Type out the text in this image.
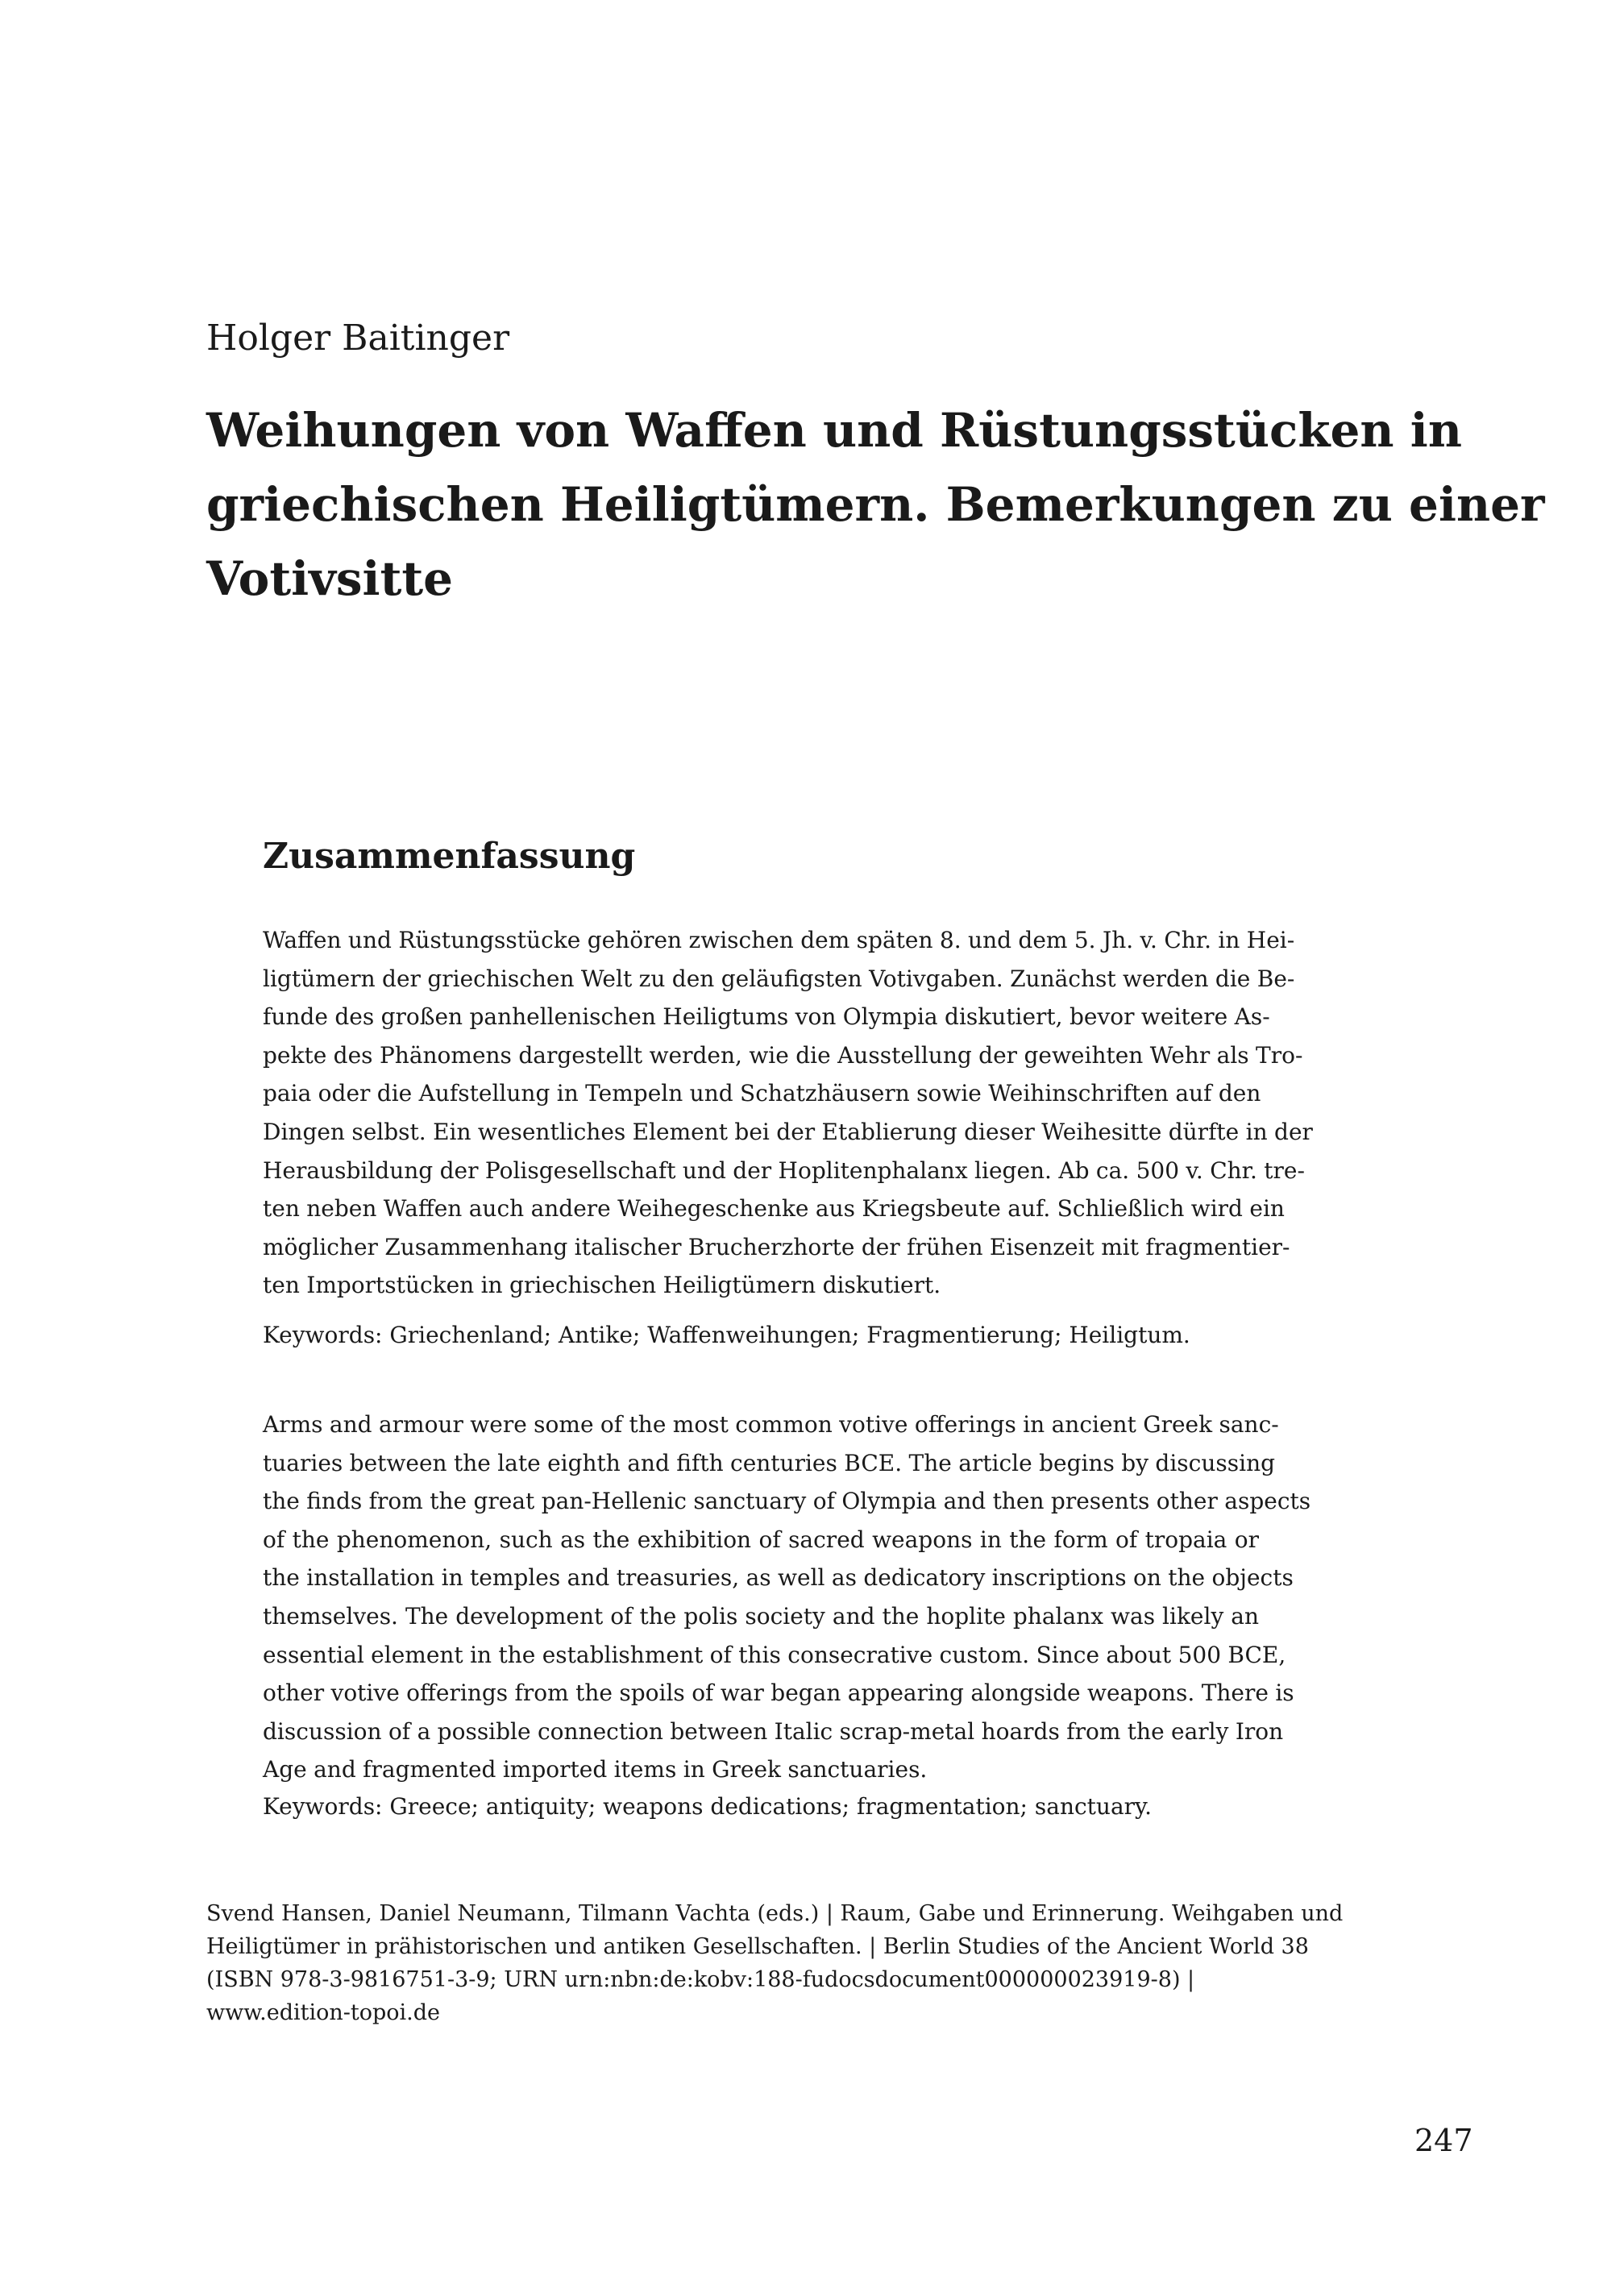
Holger Baitinger
Weihungen von Waffen und Rüstungsstücken in
griechischen Heiligtümern. Bemerkungen zu einer
Votivsitte
Zusammenfassung

Waffen und Rüstungsstücke gehören zwischen dem späten 8. und dem 5. Jh. v. Chr. in Hei-
ligtümern der griechischen Welt zu den geläufigsten Votivgaben. Zunächst werden die Be-
funde des großen panhellenischen Heiligtums von Olympia diskutiert, bevor weitere As-
pekte des Phänomens dargestellt werden, wie die Ausstellung der geweihten Wehr als Tro-
paia oder die Aufstellung in Tempeln und Schatzhäusern sowie Weihinschriften auf den
Dingen selbst. Ein wesentliches Element bei der Etablierung dieser Weihesitte dürfte in der
Herausbildung der Polisgesellschaft und der Hoplitenphalanx liegen. Ab ca. 500 v. Chr. tre-
ten neben Waffen auch andere Weihegeschenke aus Kriegsbeute auf. Schließlich wird ein
möglicher Zusammenhang italischer Brucherzhorte der frühen Eisenzeit mit fragmentier-
ten Importstücken in griechischen Heiligtümern diskutiert.

Keywords: Griechenland; Antike; Waffenweihungen; Fragmentierung; Heiligtum.

Arms and armour were some of the most common votive offerings in ancient Greek sanc-
tuaries between the late eighth and fifth centuries BCE. The article begins by discussing
the finds from the great pan-Hellenic sanctuary of Olympia and then presents other aspects
of the phenomenon, such as the exhibition of sacred weapons in the form of tropaia or
the installation in temples and treasuries, as well as dedicatory inscriptions on the objects
themselves. The development of the polis society and the hoplite phalanx was likely an
essential element in the establishment of this consecrative custom. Since about 500 BCE,
other votive offerings from the spoils of war began appearing alongside weapons. There is
discussion of a possible connection between Italic scrap-metal hoards from the early Iron
Age and fragmented imported items in Greek sanctuaries.

Keywords: Greece; antiquity; weapons dedications; fragmentation; sanctuary.

Svend Hansen, Daniel Neumann, Tilmann Vachta (eds.) | Raum, Gabe und Erinnerung. Weihgaben und
Heiligtümer in prähistorischen und antiken Gesellschaften. | Berlin Studies of the Ancient World 38
(ISBN 978-3-9816751-3-9; URN urn:nbn:de:kobv:188-fudocsdocument000000023919-8) |
www.edition-topoi.de

247
